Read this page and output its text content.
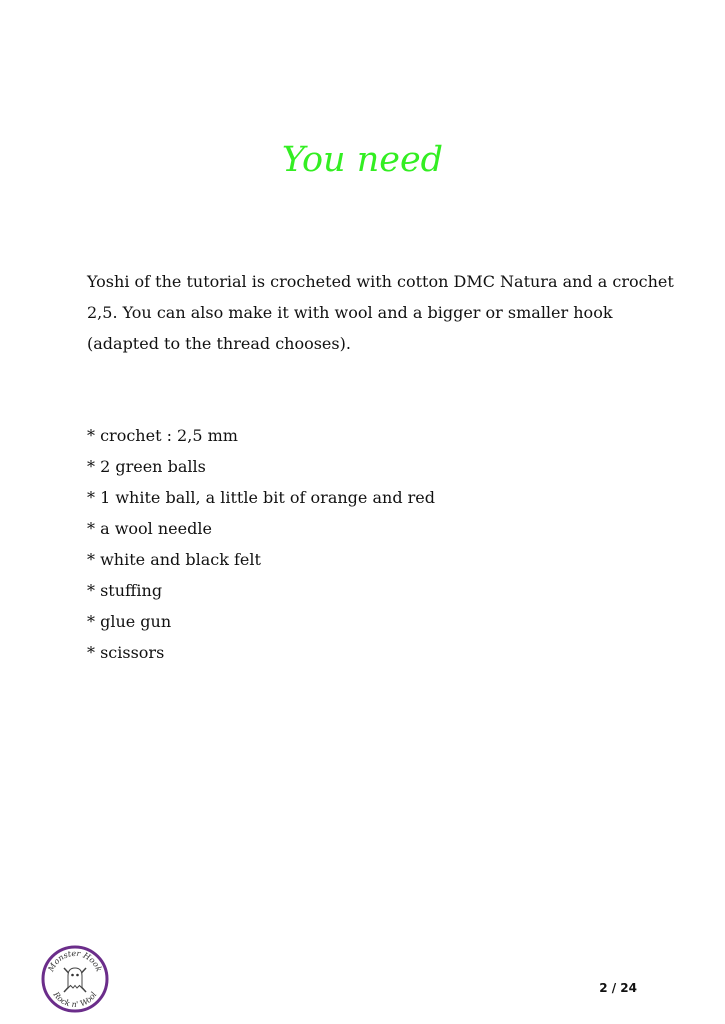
You need

Yoshi of the tutorial is crocheted with cotton DMC Natura and a crochet
2,5. You can also make it with wool and a bigger or smaller hook
(adapted to the thread chooses).

* crochet : 2,5 mm
* 2 green balls
* 1 white ball, a little bit of orange and red
* a wool needle
* white and black felt
* stuffing
* glue gun
* scissors
Monster Hook
Rock n' Wool	2 / 24
